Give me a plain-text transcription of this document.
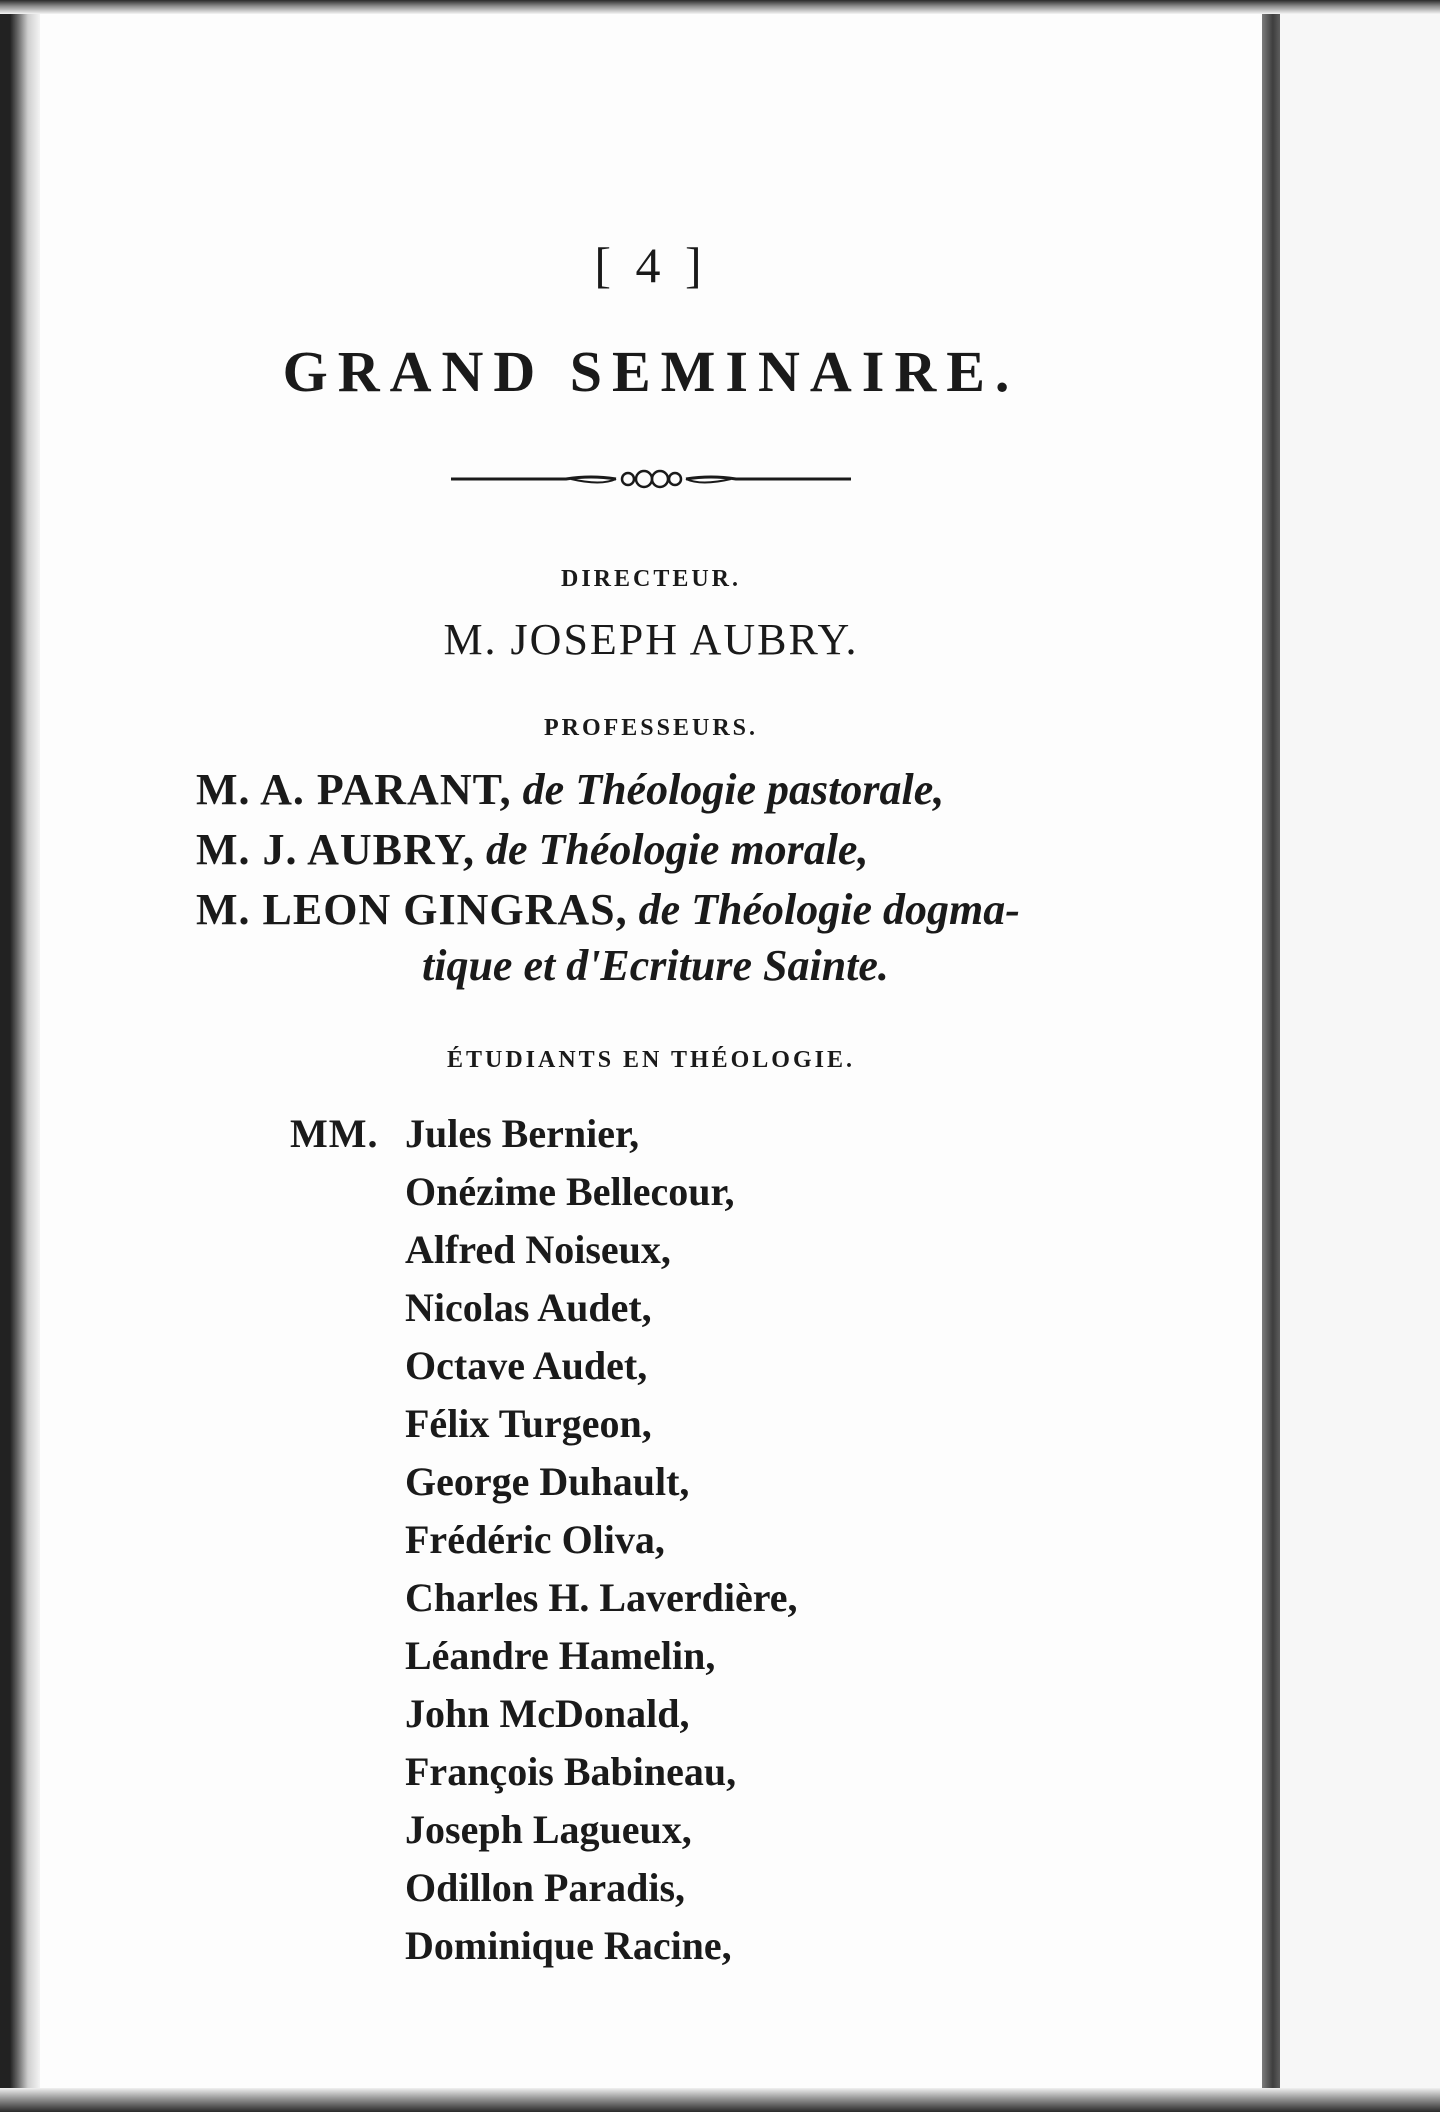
[ 4 ]
GRAND SEMINAIRE.
DIRECTEUR.
M. JOSEPH AUBRY.
PROFESSEURS.
M. A. PARANT, de Théologie pastorale,
M. J. AUBRY, de Théologie morale,
M. LEON GINGRAS, de Théologie dogma-
tique et d'Ecriture Sainte.
ÉTUDIANTS EN THÉOLOGIE.
MM. Jules Bernier,
Onézime Bellecour,
Alfred Noiseux,
Nicolas Audet,
Octave Audet,
Félix Turgeon,
George Duhault,
Frédéric Oliva,
Charles H. Laverdière,
Léandre Hamelin,
John McDonald,
François Babineau,
Joseph Lagueux,
Odillon Paradis,
Dominique Racine,
